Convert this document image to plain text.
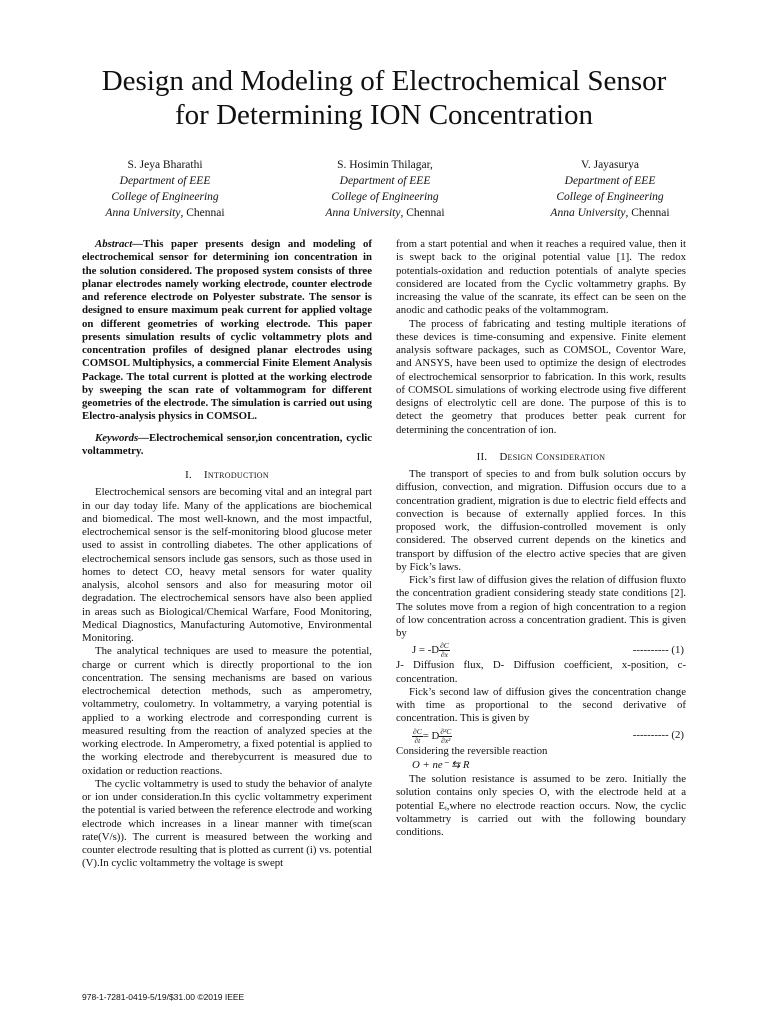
Design and Modeling of Electrochemical Sensor
for Determining ION Concentration
S. Jeya Bharathi
Department of EEE
College of Engineering
Anna University, Chennai
S. Hosimin Thilagar,
Department of EEE
College of Engineering
Anna University, Chennai
V. Jayasurya
Department of EEE
College of Engineering
Anna University, Chennai

Abstract—This paper presents design and modeling of electrochemical sensor for determining ion concentration in the solution considered. The proposed system consists of three planar electrodes namely working electrode, counter electrode and reference electrode on Polyester substrate. The sensor is designed to ensure maximum peak current for applied voltage on different geometries of working electrode. This paper presents simulation results of cyclic voltammetry plots and concentration profiles of designed planar electrodes using COMSOL Multiphysics, a commercial Finite Element Analysis Package. The total current is plotted at the working electrode by sweeping the scan rate of voltammogram for different geometries of the electrode. The simulation is carried out using Electro-analysis physics in COMSOL.

Keywords—Electrochemical sensor,ion concentration, cyclic voltammetry.

I. Introduction

Electrochemical sensors are becoming vital and an integral part in our day today life. Many of the applications are biochemical and biomedical. The most well-known, and the most impactful, electrochemical sensor is the self-monitoring blood glucose meter used to assist in controlling diabetes. The other applications of electrochemical sensors include gas sensors, such as those used in homes to detect CO, heavy metal sensors for water quality analysis, alcohol sensors and also for measuring motor oil degradation. The electrochemical sensors have also been applied in areas such as Biological/Chemical Warfare, Food Monitoring, Medical Diagnostics, Manufacturing Automotive, Environmental Monitoring.

The analytical techniques are used to measure the potential, charge or current which is directly proportional to the ion concentration. The sensing mechanisms are based on various electrochemical detection methods, such as amperometry, voltammetry, coulometry. In voltammetry, a varying potential is applied to a working electrode and corresponding current is measured resulting from the reaction of analyzed species at the working electrode. In Amperometry, a fixed potential is applied to the working electrode and therebycurrent is measured due to oxidation or reduction reactions.

The cyclic voltammetry is used to study the behavior of analyte or ion under consideration.In this cyclic voltammetry experiment the potential is varied between the reference electrode and working electrode which increases in a linear manner with time(scan rate(V/s)). The current is measured between the working and counter electrode resulting that is plotted as current (i) vs. potential (V).In cyclic voltammetry the voltage is swept

from a start potential and when it reaches a required value, then it is swept back to the original potential value [1]. The redox potentials-oxidation and reduction potentials of analyte species considered are located from the Cyclic voltammetry graphs. By increasing the value of the scanrate, its effect can be seen on the anodic and cathodic peaks of the voltammogram.

The process of fabricating and testing multiple iterations of these devices is time-consuming and expensive. Finite element analysis software packages, such as COMSOL, Coventor Ware, and ANSYS, have been used to optimize the design of electrodes of electrochemical sensorprior to fabrication. In this work, results of COMSOL simulations of working electrode using five different designs of electrolytic cell are done. The purpose of this is to detect the geometry that produces better peak current for determining the concentration of ion.

II. Design Consideration

The transport of species to and from bulk solution occurs by diffusion, convection, and migration. Diffusion occurs due to a concentration gradient, migration is due to electric field effects and convection is because of externally applied forces. In this proposed work, the diffusion-controlled movement is only considered. The observed current depends on the kinetics and transport by diffusion of the electro active species that are given by Fick’s laws.

Fick’s first law of diffusion gives the relation of diffusion fluxto the concentration gradient considering steady state conditions [2]. The solutes move from a region of high concentration to a region of low concentration across a concentration gradient. This is given by

$J = -D \frac{\partial C}{\partial x}$	---------- (1)

J- Diffusion flux, D- Diffusion coefficient, x-position, c-concentration.

Fick’s second law of diffusion gives the concentration change with time as proportional to the second derivative of concentration. This is given by

$\frac{\partial C}{\partial t} = D \frac{\text{∂²C}}{\text{∂x²}}$	---------- (2)

Considering the reversible reaction

O + ne⁻ ⇆ R

The solution resistance is assumed to be zero. Initially the solution contains only species O, with the electrode held at a potential Eᵢ,where no electrode reaction occurs. Now, the cyclic voltammetry is carried out with the following boundary conditions.

978-1-7281-0419-5/19/$31.00 ©2019 IEEE
